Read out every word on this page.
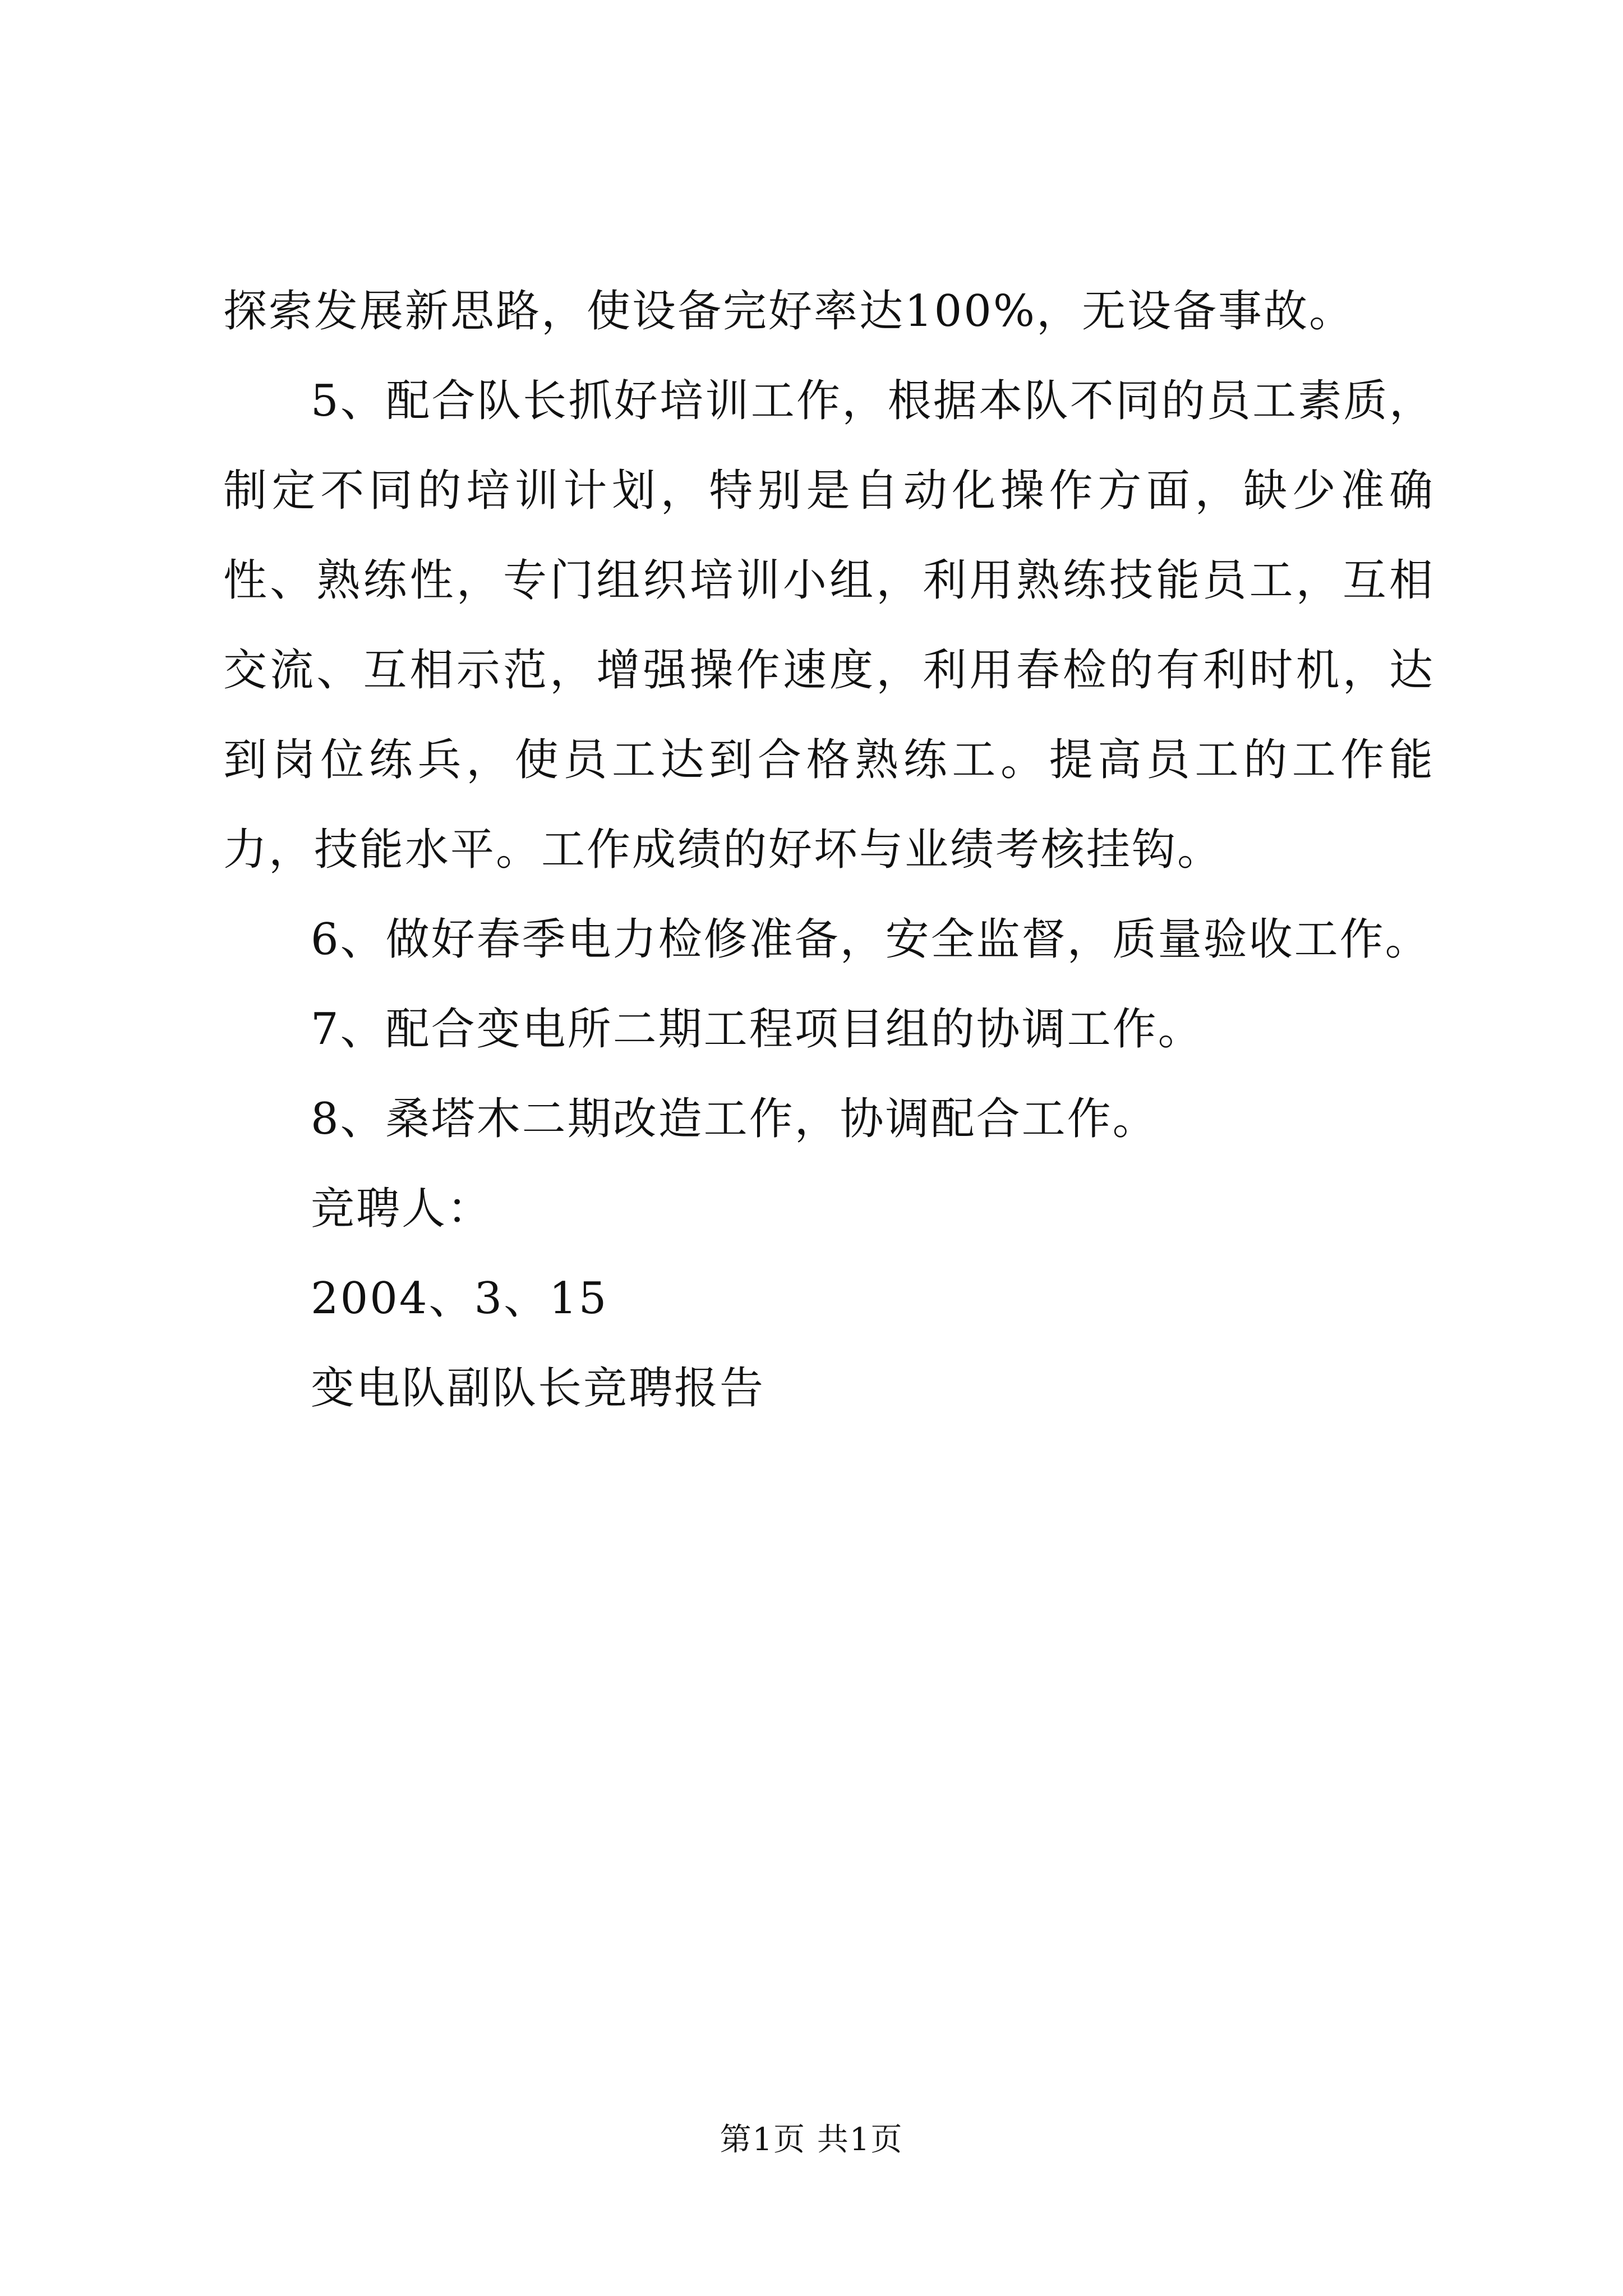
探索发展新思路，使设备完好率达100%，无设备事故。

5、配合队长抓好培训工作，根据本队不同的员工素质，制定不同的培训计划，特别是自动化操作方面，缺少准确性、熟练性，专门组织培训小组，利用熟练技能员工，互相交流、互相示范，增强操作速度，利用春检的有利时机，达到岗位练兵，使员工达到合格熟练工。提高员工的工作能力，技能水平。工作成绩的好坏与业绩考核挂钩。

6、做好春季电力检修准备，安全监督，质量验收工作。

7、配合变电所二期工程项目组的协调工作。

8、桑塔木二期改造工作，协调配合工作。

竞聘人：

2004、3、15

变电队副队长竞聘报告

第1页 共1页
